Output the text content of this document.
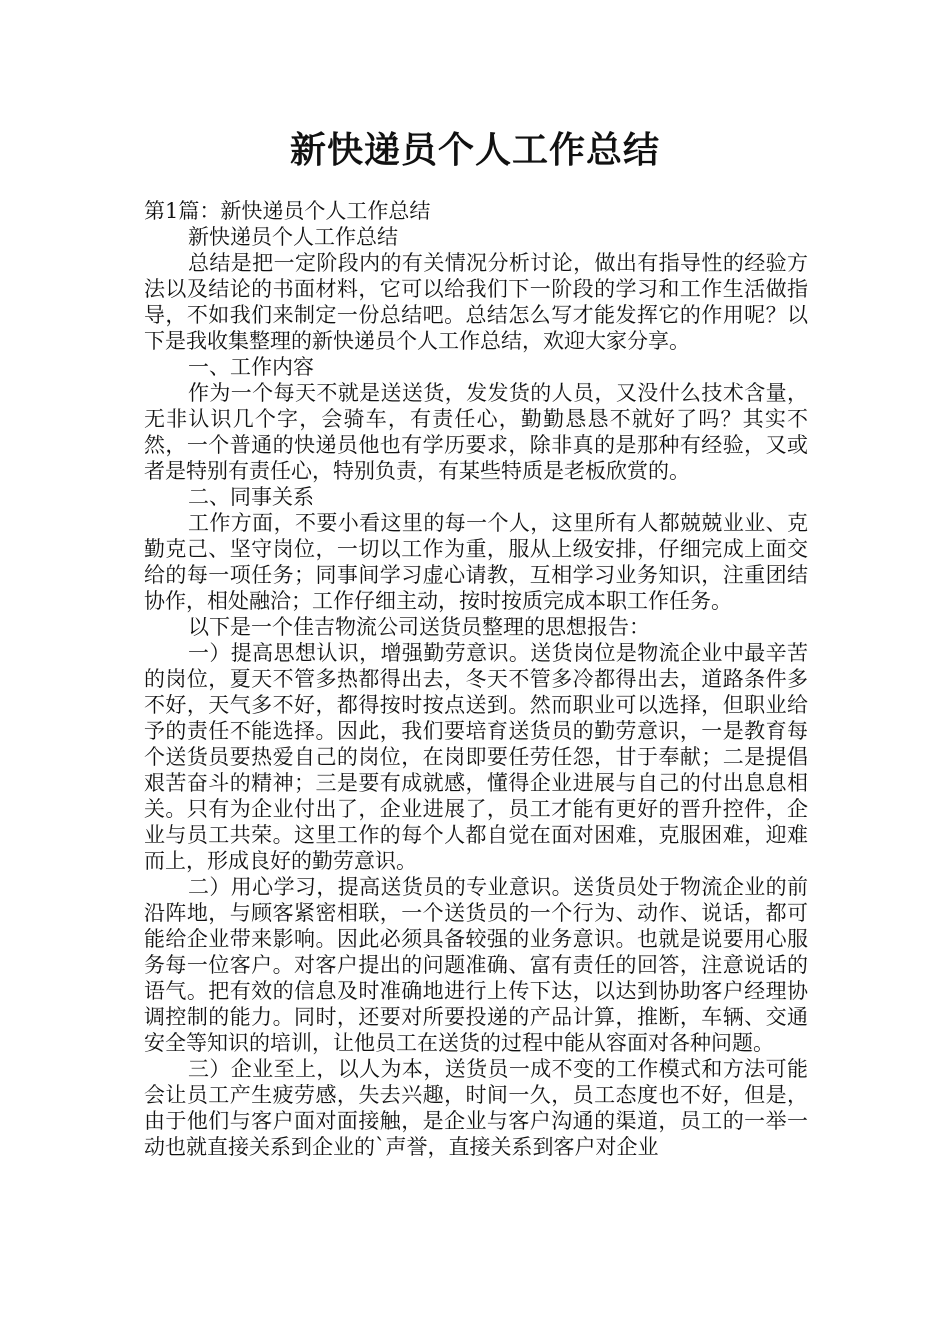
新快递员个人工作总结

第1篇：新快递员个人工作总结

新快递员个人工作总结

总结是把一定阶段内的有关情况分析讨论，做出有指导性的经验方法以及结论的书面材料，它可以给我们下一阶段的学习和工作生活做指导，不如我们来制定一份总结吧。总结怎么写才能发挥它的作用呢？以下是我收集整理的新快递员个人工作总结，欢迎大家分享。

一、工作内容

作为一个每天不就是送送货，发发货的人员，又没什么技术含量，无非认识几个字，会骑车，有责任心，勤勤恳恳不就好了吗？其实不然，一个普通的快递员他也有学历要求，除非真的是那种有经验，又或者是特别有责任心，特别负责，有某些特质是老板欣赏的。

二、同事关系

工作方面，不要小看这里的每一个人，这里所有人都兢兢业业、克勤克己、坚守岗位，一切以工作为重，服从上级安排，仔细完成上面交给的每一项任务；同事间学习虚心请教，互相学习业务知识，注重团结协作，相处融洽；工作仔细主动，按时按质完成本职工作任务。

以下是一个佳吉物流公司送货员整理的思想报告：

一）提高思想认识，增强勤劳意识。送货岗位是物流企业中最辛苦的岗位，夏天不管多热都得出去，冬天不管多冷都得出去，道路条件多不好，天气多不好，都得按时按点送到。然而职业可以选择，但职业给予的责任不能选择。因此，我们要培育送货员的勤劳意识，一是教育每个送货员要热爱自己的岗位，在岗即要任劳任怨，甘于奉献；二是提倡艰苦奋斗的精神；三是要有成就感，懂得企业进展与自己的付出息息相关。只有为企业付出了，企业进展了，员工才能有更好的晋升控件，企业与员工共荣。这里工作的每个人都自觉在面对困难，克服困难，迎难而上，形成良好的勤劳意识。

二）用心学习，提高送货员的专业意识。送货员处于物流企业的前沿阵地，与顾客紧密相联，一个送货员的一个行为、动作、说话，都可能给企业带来影响。因此必须具备较强的业务意识。也就是说要用心服务每一位客户。对客户提出的问题准确、富有责任的回答，注意说话的语气。把有效的信息及时准确地进行上传下达，以达到协助客户经理协调控制的能力。同时，还要对所要投递的产品计算，推断，车辆、交通安全等知识的培训，让他员工在送货的过程中能从容面对各种问题。

三）企业至上，以人为本，送货员一成不变的工作模式和方法可能会让员工产生疲劳感，失去兴趣，时间一久，员工态度也不好，但是，由于他们与客户面对面接触，是企业与客户沟通的渠道，员工的一举一动也就直接关系到企业的`声誉，直接关系到客户对企业
